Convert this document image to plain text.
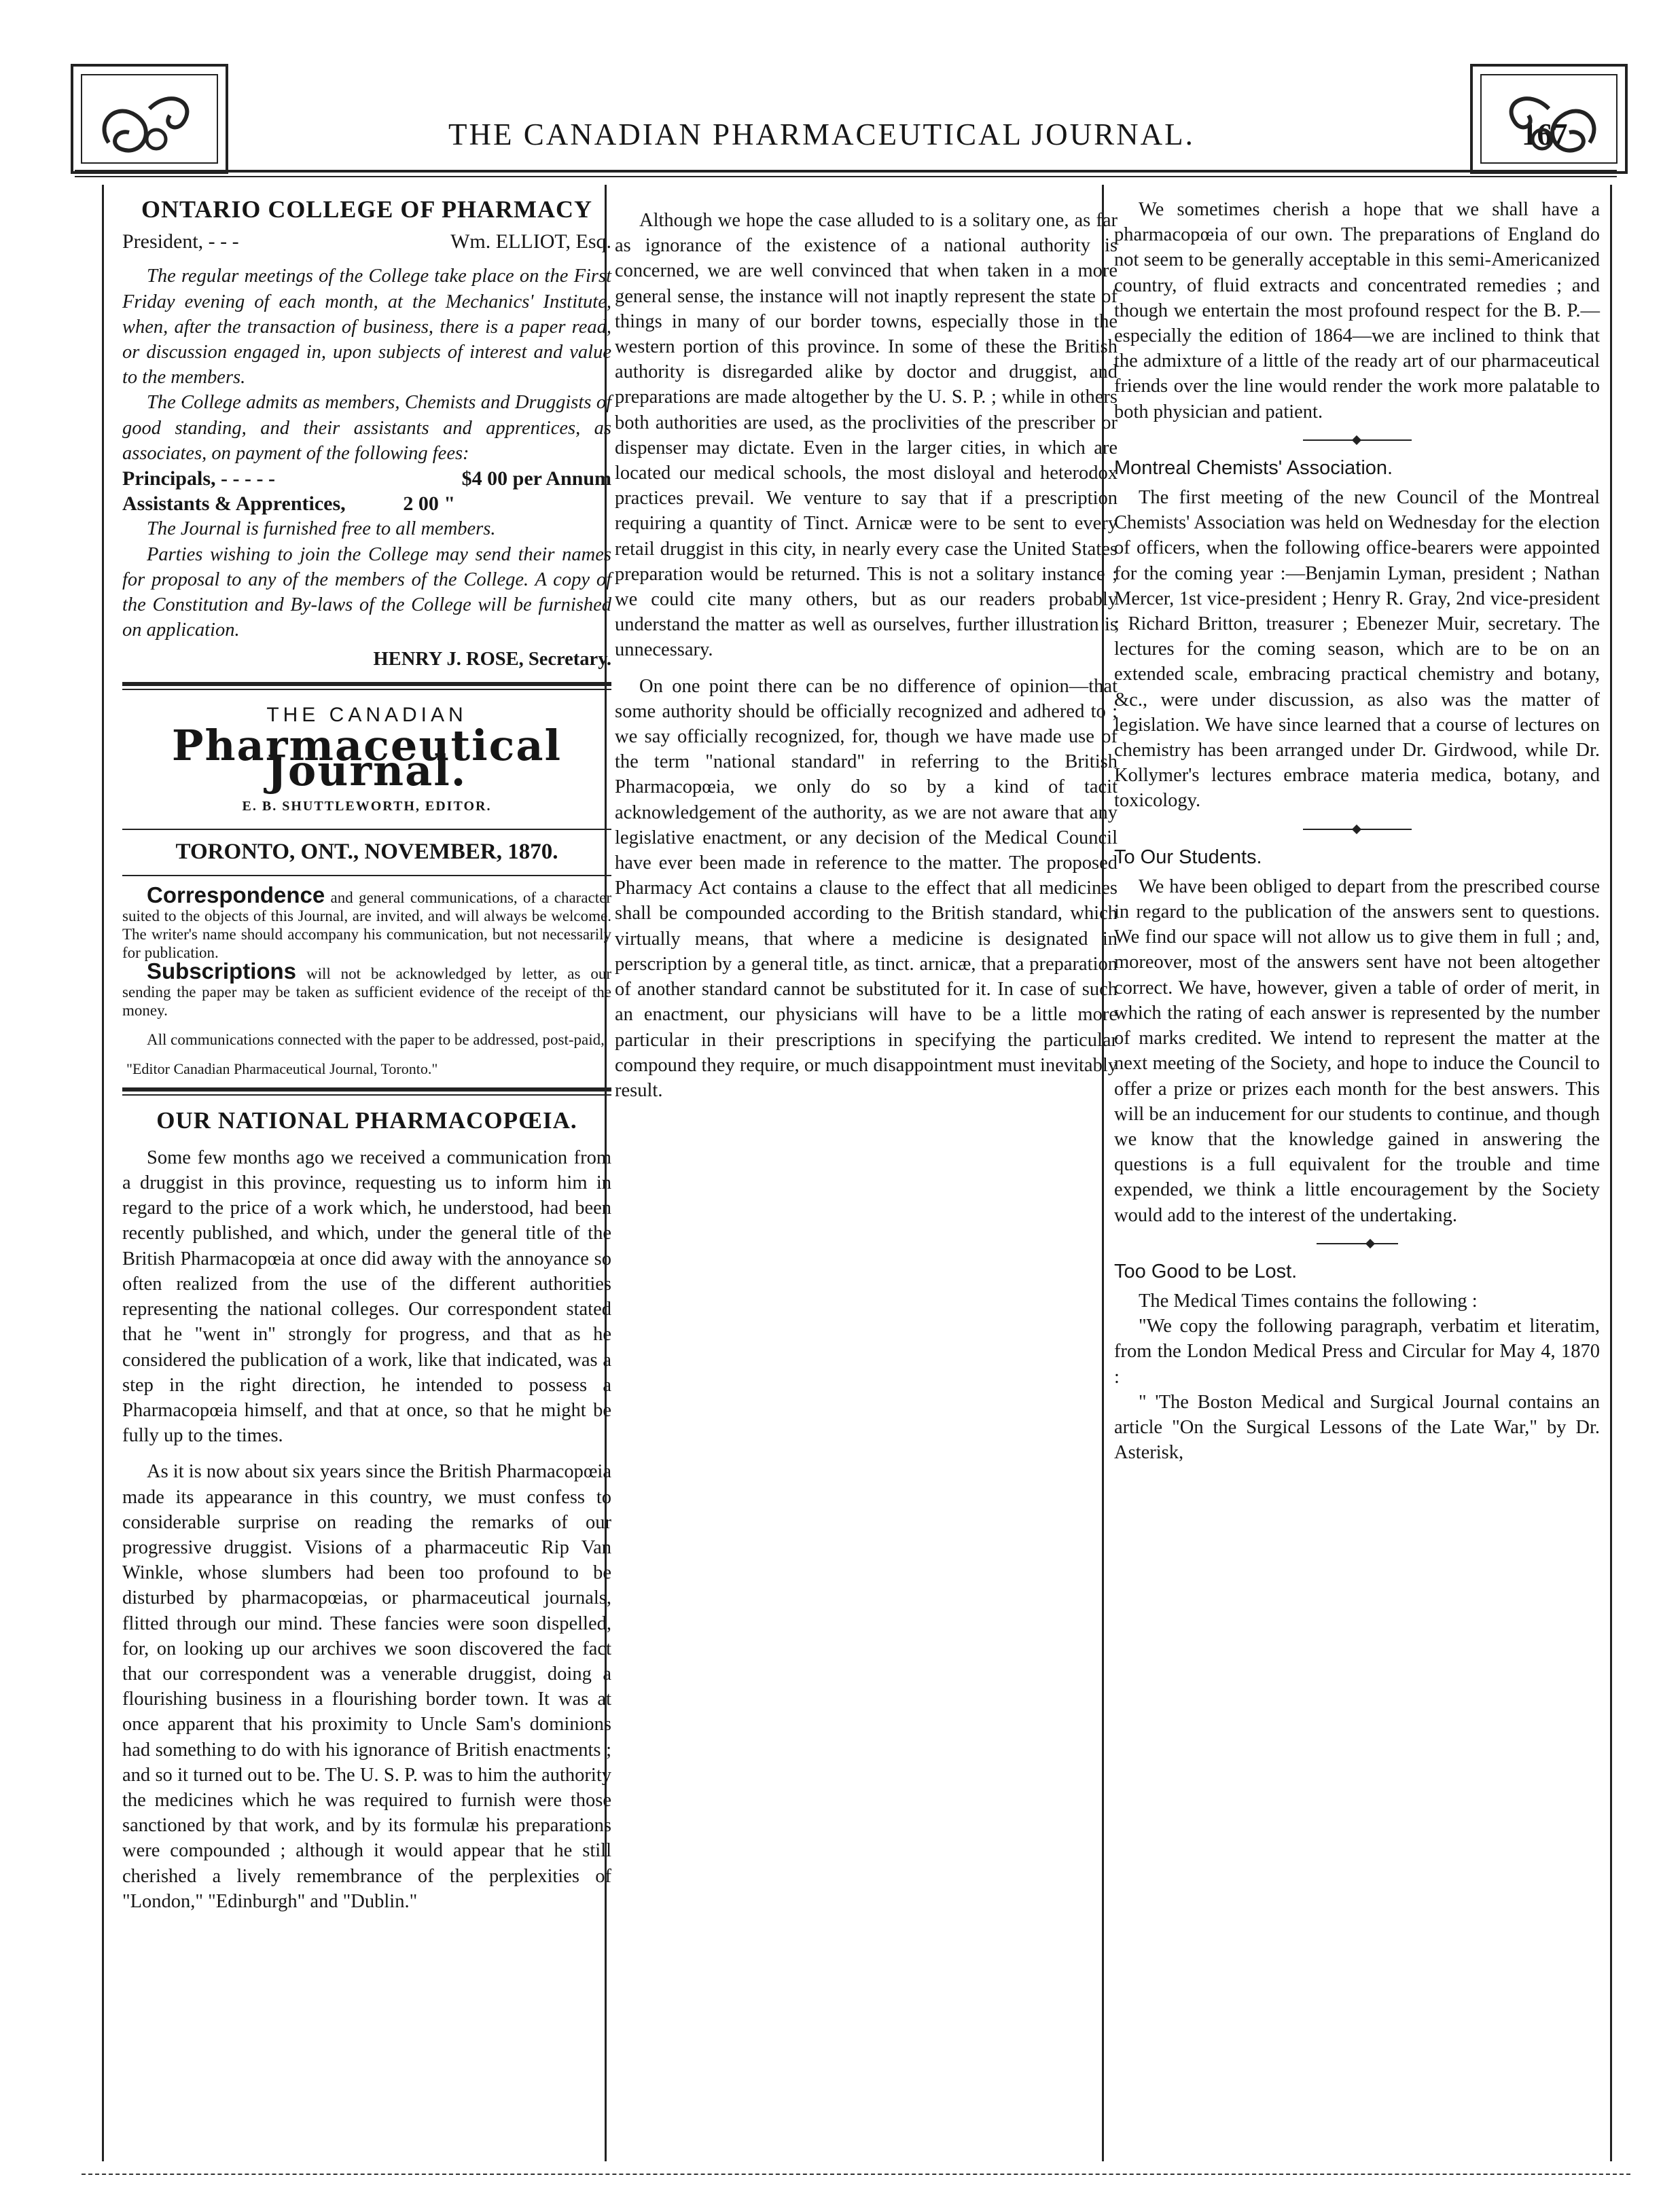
THE CANADIAN PHARMACEUTICAL JOURNAL.	167
ONTARIO COLLEGE OF PHARMACY
President, - - -	Wm. ELLIOT, Esq.

The regular meetings of the College take place on the First Friday evening of each month, at the Mechanics' Institute, when, after the transaction of business, there is a paper read, or discussion engaged in, upon subjects of interest and value to the members.

The College admits as members, Chemists and Druggists of good standing, and their assistants and apprentices, as associates, on payment of the following fees:

Principals, - - - - -	$4 00 per Annum
Assistants & Apprentices,	2 00 "

The Journal is furnished free to all members.

Parties wishing to join the College may send their names for proposal to any of the members of the College. A copy of the Constitution and By-laws of the College will be furnished on application.

HENRY J. ROSE, Secretary.
THE CANADIAN
Pharmaceutical Journal.
E. B. SHUTTLEWORTH, EDITOR.
TORONTO, ONT., NOVEMBER, 1870.

Correspondence and general communications, of a character suited to the objects of this Journal, are invited, and will always be welcome. The writer's name should accompany his communication, but not necessarily for publication.

Subscriptions will not be acknowledged by letter, as our sending the paper may be taken as sufficient evidence of the receipt of the money.

All communications connected with the paper to be addressed, post-paid,

"Editor Canadian Pharmaceutical Journal, Toronto."

OUR NATIONAL PHARMACOPŒIA.

Some few months ago we received a communication from a druggist in this province, requesting us to inform him in regard to the price of a work which, he understood, had been recently published, and which, under the general title of the British Pharmacopœia at once did away with the annoyance so often realized from the use of the different authorities representing the national colleges. Our correspondent stated that he "went in" strongly for progress, and that as he considered the publication of a work, like that indicated, was a step in the right direction, he intended to possess a Pharmacopœia himself, and that at once, so that he might be fully up to the times.

As it is now about six years since the British Pharmacopœia made its appearance in this country, we must confess to considerable surprise on reading the remarks of our progressive druggist. Visions of a pharmaceutic Rip Van Winkle, whose slumbers had been too profound to be disturbed by pharmacopœias, or pharmaceutical journals, flitted through our mind. These fancies were soon dispelled, for, on looking up our archives we soon discovered the fact that our correspondent was a venerable druggist, doing a flourishing business in a flourishing border town. It was at once apparent that his proximity to Uncle Sam's dominions had something to do with his ignorance of British enactments ; and so it turned out to be. The U. S. P. was to him the authority the medicines which he was required to furnish were those sanctioned by that work, and by its formulæ his preparations were compounded ; although it would appear that he still cherished a lively remembrance of the perplexities of "London," "Edinburgh" and "Dublin."

Although we hope the case alluded to is a solitary one, as far as ignorance of the existence of a national authority is concerned, we are well convinced that when taken in a more general sense, the instance will not inaptly represent the state of things in many of our border towns, especially those in the western portion of this province. In some of these the British authority is disregarded alike by doctor and druggist, and preparations are made altogether by the U. S. P. ; while in others both authorities are used, as the proclivities of the prescriber or dispenser may dictate. Even in the larger cities, in which are located our medical schools, the most disloyal and heterodox practices prevail. We venture to say that if a prescription requiring a quantity of Tinct. Arnicæ were to be sent to every retail druggist in this city, in nearly every case the United States preparation would be returned. This is not a solitary instance ; we could cite many others, but as our readers probably understand the matter as well as ourselves, further illustration is unnecessary.

On one point there can be no difference of opinion—that some authority should be officially recognized and adhered to ; we say officially recognized, for, though we have made use of the term "national standard" in referring to the British Pharmacopœia, we only do so by a kind of tacit acknowledgement of the authority, as we are not aware that any legislative enactment, or any decision of the Medical Council have ever been made in reference to the matter. The proposed Pharmacy Act contains a clause to the effect that all medicines shall be compounded according to the British standard, which virtually means, that where a medicine is designated in perscription by a general title, as tinct. arnicæ, that a preparation of another standard cannot be substituted for it. In case of such an enactment, our physicians will have to be a little more particular in their prescriptions in specifying the particular compound they require, or much disappointment must inevitably result.

We sometimes cherish a hope that we shall have a pharmacopœia of our own. The preparations of England do not seem to be generally acceptable in this semi-Americanized country, of fluid extracts and concentrated remedies ; and though we entertain the most profound respect for the B. P.—especially the edition of 1864—we are inclined to think that the admixture of a little of the ready art of our pharmaceutical friends over the line would render the work more palatable to both physician and patient.

Montreal Chemists' Association.

The first meeting of the new Council of the Montreal Chemists' Association was held on Wednesday for the election of officers, when the following office-bearers were appointed for the coming year :—Benjamin Lyman, president ; Nathan Mercer, 1st vice-president ; Henry R. Gray, 2nd vice-president ; Richard Britton, treasurer ; Ebenezer Muir, secretary. The lectures for the coming season, which are to be on an extended scale, embracing practical chemistry and botany, &c., were under discussion, as also was the matter of legislation. We have since learned that a course of lectures on chemistry has been arranged under Dr. Girdwood, while Dr. Kollymer's lectures embrace materia medica, botany, and toxicology.

To Our Students.

We have been obliged to depart from the prescribed course in regard to the publication of the answers sent to questions. We find our space will not allow us to give them in full ; and, moreover, most of the answers sent have not been altogether correct. We have, however, given a table of order of merit, in which the rating of each answer is represented by the number of marks credited. We intend to represent the matter at the next meeting of the Society, and hope to induce the Council to offer a prize or prizes each month for the best answers. This will be an inducement for our students to continue, and though we know that the knowledge gained in answering the questions is a full equivalent for the trouble and time expended, we think a little encouragement by the Society would add to the interest of the undertaking.

Too Good to be Lost.

The Medical Times contains the following :

"We copy the following paragraph, verbatim et literatim, from the London Medical Press and Circular for May 4, 1870 :

" 'The Boston Medical and Surgical Journal contains an article "On the Surgical Lessons of the Late War," by Dr. Asterisk,
